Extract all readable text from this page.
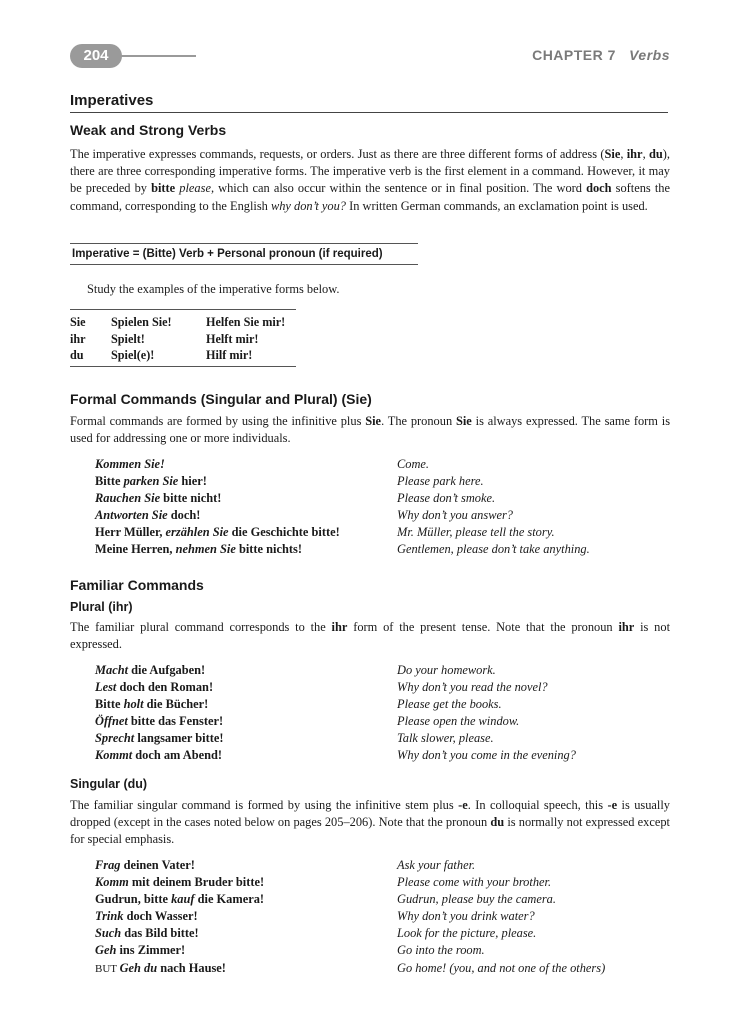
204	CHAPTER 7 Verbs
Imperatives
Weak and Strong Verbs
The imperative expresses commands, requests, or orders. Just as there are three different forms of address (Sie, ihr, du), there are three corresponding imperative forms. The imperative verb is the first element in a command. However, it may be preceded by bitte please, which can also occur within the sentence or in final position. The word doch softens the command, corresponding to the English why don’t you? In written German commands, an exclamation point is used.
Imperative = (Bitte) Verb + Personal pronoun (if required)
Study the examples of the imperative forms below.
Sie	Spielen Sie!	Helfen Sie mir!
ihr	Spielt!	Helft mir!
du	Spiel(e)!	Hilf mir!
Formal Commands (Singular and Plural) (Sie)
Formal commands are formed by using the infinitive plus Sie. The pronoun Sie is always expressed. The same form is used for addressing one or more individuals.
Kommen Sie!	Come.
Bitte parken Sie hier!	Please park here.
Rauchen Sie bitte nicht!	Please don’t smoke.
Antworten Sie doch!	Why don’t you answer?
Herr Müller, erzählen Sie die Geschichte bitte!	Mr. Müller, please tell the story.
Meine Herren, nehmen Sie bitte nichts!	Gentlemen, please don’t take anything.
Familiar Commands
Plural (ihr)
The familiar plural command corresponds to the ihr form of the present tense. Note that the pronoun ihr is not expressed.
Macht die Aufgaben!	Do your homework.
Lest doch den Roman!	Why don’t you read the novel?
Bitte holt die Bücher!	Please get the books.
Öffnet bitte das Fenster!	Please open the window.
Sprecht langsamer bitte!	Talk slower, please.
Kommt doch am Abend!	Why don’t you come in the evening?
Singular (du)
The familiar singular command is formed by using the infinitive stem plus -e. In colloquial speech, this -e is usually dropped (except in the cases noted below on pages 205–206). Note that the pronoun du is normally not expressed except for special emphasis.
Frag deinen Vater!	Ask your father.
Komm mit deinem Bruder bitte!	Please come with your brother.
Gudrun, bitte kauf die Kamera!	Gudrun, please buy the camera.
Trink doch Wasser!	Why don’t you drink water?
Such das Bild bitte!	Look for the picture, please.
Geh ins Zimmer!	Go into the room.
BUT Geh du nach Hause!	Go home! (you, and not one of the others)
